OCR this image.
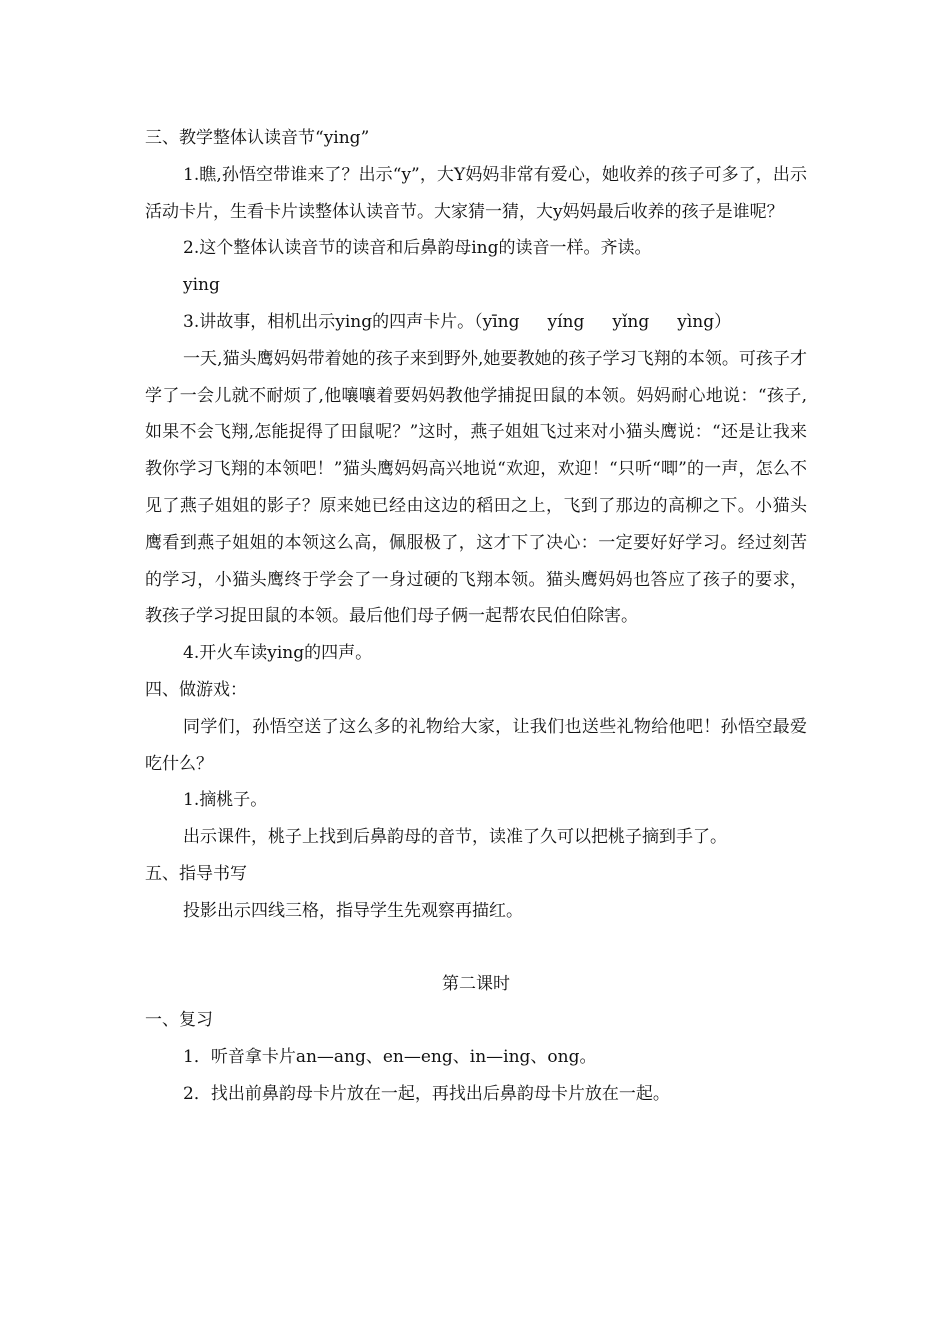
三、教学整体认读音节“ying”

1.瞧,孙悟空带谁来了？出示“y”，大Y妈妈非常有爱心，她收养的孩子可多了，出示活动卡片，生看卡片读整体认读音节。大家猜一猜，大y妈妈最后收养的孩子是谁呢？

2.这个整体认读音节的读音和后鼻韵母ing的读音一样。齐读。

ying

3.讲故事，相机出示ying的四声卡片。（yīng yíng yǐng yìng）

一天,猫头鹰妈妈带着她的孩子来到野外,她要教她的孩子学习飞翔的本领。可孩子才学了一会儿就不耐烦了,他嚷嚷着要妈妈教他学捕捉田鼠的本领。妈妈耐心地说：“孩子,如果不会飞翔,怎能捉得了田鼠呢？”这时，燕子姐姐飞过来对小猫头鹰说：“还是让我来教你学习飞翔的本领吧！”猫头鹰妈妈高兴地说“欢迎，欢迎！“只听“唧”的一声，怎么不见了燕子姐姐的影子？原来她已经由这边的稻田之上，飞到了那边的高柳之下。小猫头鹰看到燕子姐姐的本领这么高，佩服极了，这才下了决心：一定要好好学习。经过刻苦的学习，小猫头鹰终于学会了一身过硬的飞翔本领。猫头鹰妈妈也答应了孩子的要求，教孩子学习捉田鼠的本领。最后他们母子俩一起帮农民伯伯除害。

4.开火车读ying的四声。

四、做游戏：

同学们，孙悟空送了这么多的礼物给大家，让我们也送些礼物给他吧！孙悟空最爱吃什么？

1.摘桃子。

出示课件，桃子上找到后鼻韵母的音节，读准了久可以把桃子摘到手了。

五、指导书写

投影出示四线三格，指导学生先观察再描红。

第二课时

一、复习

1．听音拿卡片an—ang、en—eng、in—ing、ong。

2．找出前鼻韵母卡片放在一起，再找出后鼻韵母卡片放在一起。
